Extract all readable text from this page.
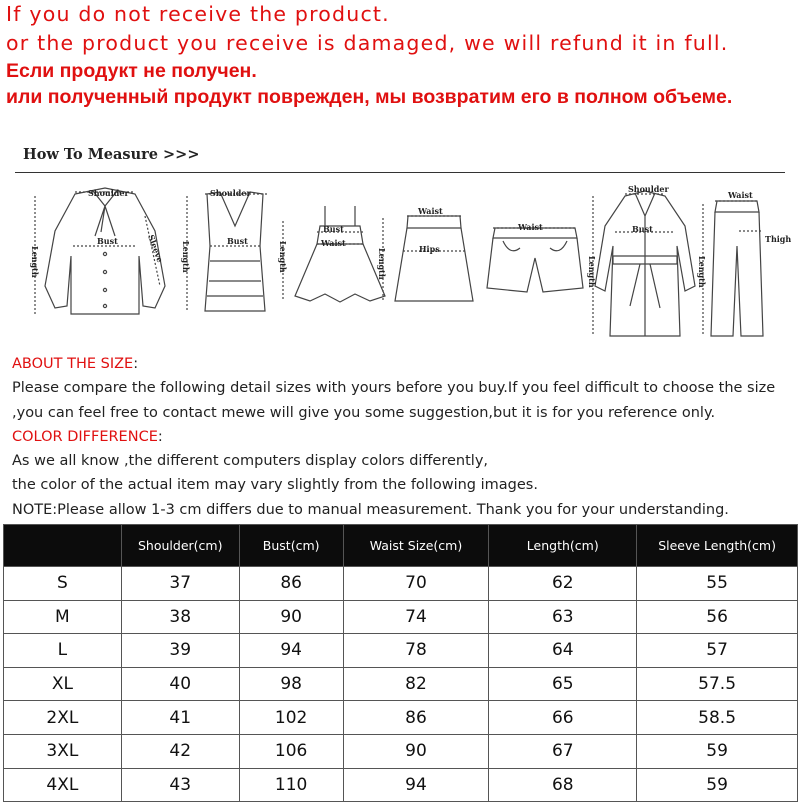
If you do not receive the product.
or the product you receive is damaged, we will refund it in full.
Если продукт не получен.
или полученный продукт поврежден, мы возвратим его в полном объеме.
How To Measure >>>
Shoulder
Bust	Sleeve
Length
Shoulder
Bust
Length
Bust
Waist
Length
Waist
Hips
Length
Waist
Shoulder
Bust
Length
Waist
Thigh
Length
ABOUT THE SIZE:
Please compare the following detail sizes with yours before you buy.If you feel difficult to choose the size
,you can feel free to contact mewe will give you some suggestion,but it is for you reference only.
COLOR DIFFERENCE:
As we all know ,the different computers display colors differently,
the color of the actual item may vary slightly from the following images.
NOTE:Please allow 1-3 cm differs due to manual measurement. Thank you for your understanding.
	Shoulder(cm)	Bust(cm)	Waist Size(cm)	Length(cm)	Sleeve Length(cm)
S	37	86	70	62	55
M	38	90	74	63	56
L	39	94	78	64	57
XL	40	98	82	65	57.5
2XL	41	102	86	66	58.5
3XL	42	106	90	67	59
4XL	43	110	94	68	59
